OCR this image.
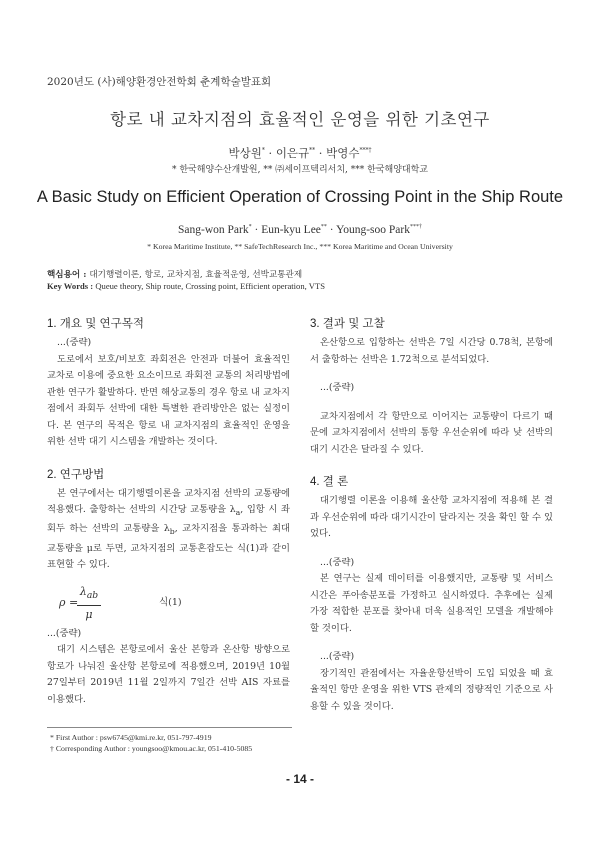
2020년도 (사)해양환경안전학회 춘계학술발표회
항로 내 교차지점의 효율적인 운영을 위한 기초연구
박상원* · 이은규** · 박영수***†
* 한국해양수산개발원, ** ㈜세이프텍리서치, *** 한국해양대학교
A Basic Study on Efficient Operation of Crossing Point in the Ship Route
Sang-won Park* · Eun-kyu Lee** · Young-soo Park***†
* Korea Maritime Institute, ** SafeTechResearch Inc., *** Korea Maritime and Ocean University
핵심용어 : 대기행렬이론, 항로, 교차지점, 효율적운영, 선박교통관제
Key Words : Queue theory, Ship route, Crossing point, Efficient operation, VTS
1. 개요 및 연구목적

...(중략)

도로에서 보호/비보호 좌회전은 안전과 더불어 효율적인 교차로 이용에 중요한 요소이므로 좌회전 교통의 처리방법에 관한 연구가 활발하다. 반면 해상교통의 경우 항로 내 교차지점에서 좌회두 선박에 대한 특별한 관리방안은 없는 실정이다. 본 연구의 목적은 항로 내 교차지점의 효율적인 운영을 위한 선박 대기 시스템을 개발하는 것이다.

2. 연구방법

본 연구에서는 대기행렬이론을 교차지점 선박의 교통량에 적용했다. 출항하는 선박의 시간당 교통량을 $\lambda_a$, 입항 시 좌회두 하는 선박의 교통량을 $\lambda_b$, 교차지점을 통과하는 최대 교통량을 μ로 두면, 교차지점의 교통혼잡도는 식(1)과 같이 표현할 수 있다.

ρ =
$\lambda_{ab}$
μ
식(1)

...(중략)

대기 시스템은 본항로에서 울산 본항과 온산항 방향으로 항로가 나눠진 울산항 본항로에 적용했으며, 2019년 10월 27일부터 2019년 11월 2일까지 7일간 선박 AIS 자료를 이용했다.

3. 결과 및 고찰

온산항으로 입항하는 선박은 7일 시간당 0.78척, 본항에서 출항하는 선박은 1.72척으로 분석되었다.

...(중략)

교차지점에서 각 항만으로 이어지는 교통량이 다르기 때문에 교차지점에서 선박의 통항 우선순위에 따라 낮 선박의 대기 시간은 달라질 수 있다.

4. 결 론

대기행렬 이론을 이용해 울산항 교차지점에 적용해 본 결과 우선순위에 따라 대기시간이 달라지는 것을 확인 할 수 있었다.

...(중략)

본 연구는 실제 데이터를 이용했지만, 교통량 및 서비스 시간은 푸아송분포를 가정하고 실시하였다. 추후에는 실제 가장 적합한 분포를 찾아내 더욱 실용적인 모델을 개발해야 할 것이다.

...(중략)

장기적인 관점에서는 자율운항선박이 도입 되었을 때 효율적인 항만 운영을 위한 VTS 관제의 정량적인 기준으로 사용할 수 있을 것이다.

* First Author : psw6745@kmi.re.kr, 051-797-4919
† Corresponding Author : youngsoo@kmou.ac.kr, 051-410-5085
- 14 -
